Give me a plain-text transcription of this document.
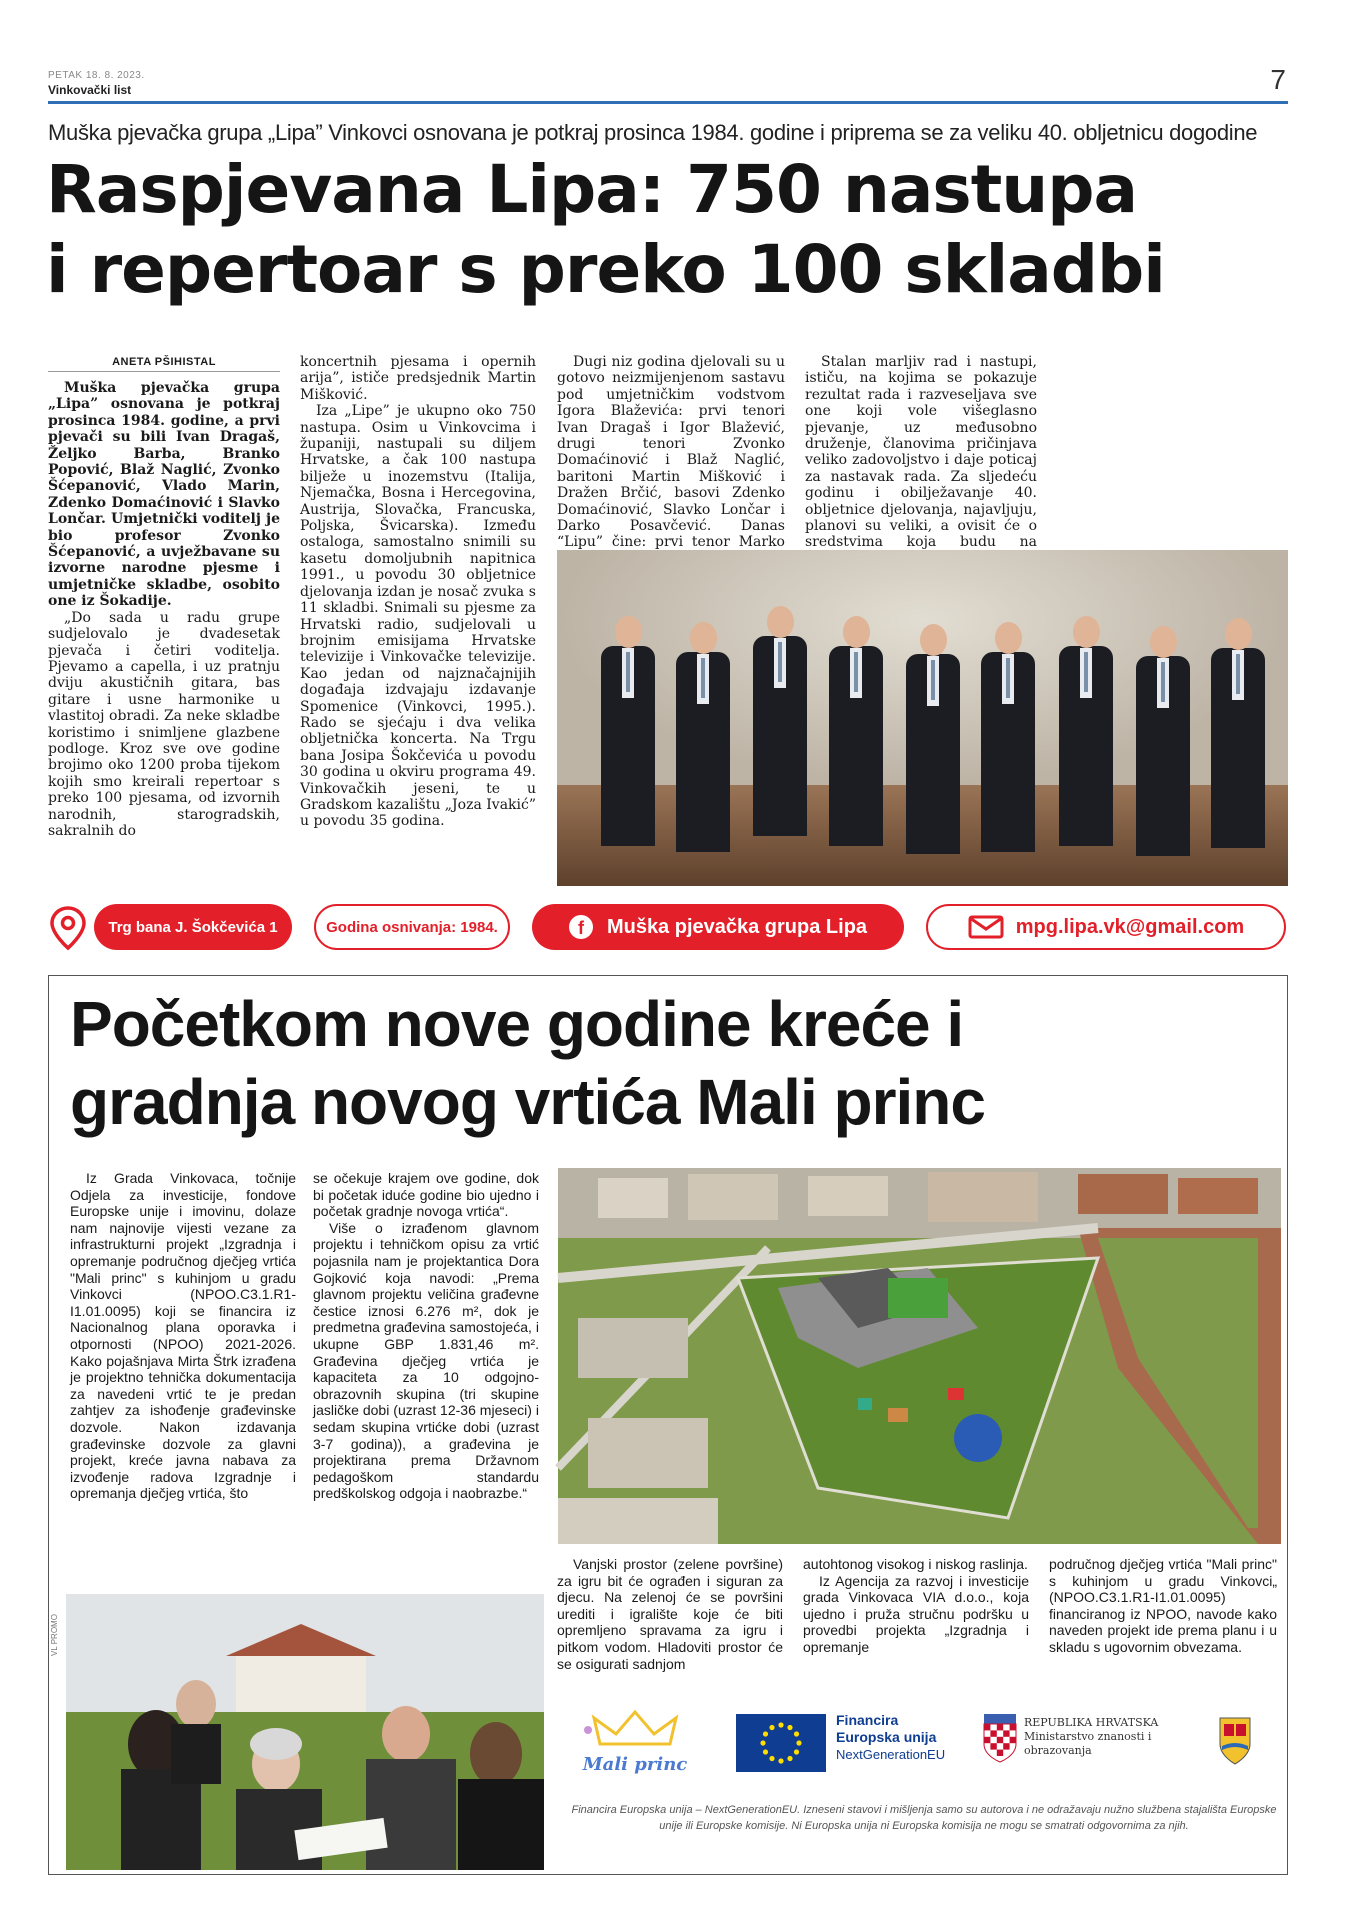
PETAK 18. 8. 2023.
Vinkovački list	7
Muška pjevačka grupa „Lipa” Vinkovci osnovana je potkraj prosinca 1984. godine i priprema se za veliku 40. obljetnicu dogodine
Raspjevana Lipa: 750 nastupa
i repertoar s preko 100 skladbi
ANETA PŠIHISTAL

Muška pjevačka grupa „Lipa” osnovana je potkraj prosinca 1984. godine, a prvi pjevači su bili Ivan Dragaš, Željko Barba, Branko Popović, Blaž Naglić, Zvonko Šćepanović, Vlado Marin, Zdenko Domaćinović i Slavko Lončar. Umjetnički voditelj je bio profesor Zvonko Šćepanović, a uvježbavane su izvorne narodne pjesme i umjetničke skladbe, osobito one iz Šokadije.

„Do sada u radu grupe sudjelovalo je dvadesetak pjevača i četiri voditelja. Pjevamo a capella, i uz pratnju dviju akustičnih gitara, bas gitare i usne harmonike u vlastitoj obradi. Za neke skladbe koristimo i snimljene glazbene podloge. Kroz sve ove godine brojimo oko 1200 proba tijekom kojih smo kreirali repertoar s preko 100 pjesama, od izvornih narodnih, starogradskih, sakralnih do

koncertnih pjesama i opernih arija”, ističe predsjednik Martin Mišković.

Iza „Lipe” je ukupno oko 750 nastupa. Osim u Vinkovcima i županiji, nastupali su diljem Hrvatske, a čak 100 nastupa bilježe u inozemstvu (Italija, Njemačka, Bosna i Hercegovina, Austrija, Slovačka, Francuska, Poljska, Švicarska). Između ostaloga, samostalno snimili su kasetu domoljubnih napitnica 1991., u povodu 30 obljetnice djelovanja izdan je nosač zvuka s 11 skladbi. Snimali su pjesme za Hrvatski radio, sudjelovali u brojnim emisijama Hrvatske televizije i Vinkovačke televizije. Kao jedan od najznačajnijih događaja izdvajaju izdavanje Spomenice (Vinkovci, 1995.). Rado se sjećaju i dva velika obljetnička koncerta. Na Trgu bana Josipa Šokčevića u povodu 30 godina u okviru programa 49. Vinkovačkih jeseni, te u Gradskom kazalištu „Joza Ivakić” u povodu 35 godina.

Dugi niz godina djelovali su u gotovo neizmijenjenom sastavu pod umjetničkim vodstvom Igora Blaževića: prvi tenori Ivan Dragaš i Igor Blažević, drugi tenori Zvonko Domaćinović i Blaž Naglić, baritoni Martin Mišković i Dražen Brčić, basovi Zdenko Domaćinović, Slavko Lončar i Darko Posavčević. Danas “Lipu” čine: prvi tenor Marko

Stalan marljiv rad i nastupi, ističu, na kojima se pokazuje rezultat rada i razveseljava sve one koji vole višeglasno pjevanje, uz međusobno druženje, članovima pričinjava veliko zadovoljstvo i daje poticaj za nastavak rada. Za sljedeću godinu i obilježavanje 40. obljetnice djelovanja, najavljuju, planovi su veliki, a ovisit će o sredstvima koja budu na

Trg bana J. Šokčevića 1	Godina osnivanja: 1984.	f	Muška pjevačka grupa Lipa	mpg.lipa.vk@gmail.com
Početkom nove godine kreće i
gradnja novog vrtića Mali princ

Iz Grada Vinkovaca, točnije Odjela za investicije, fondove Europske unije i imovinu, dolaze nam najnovije vijesti vezane za infrastrukturni projekt „Izgradnja i opremanje područnog dječjeg vrtića "Mali princ" s kuhinjom u gradu Vinkovci (NPOO.C3.1.R1-I1.01.0095) koji se financira iz Nacionalnog plana oporavka i otpornosti (NPOO) 2021-2026. Kako pojašnjava Mirta Štrk izrađena je projektno tehnička dokumentacija za navedeni vrtić te je predan zahtjev za ishođenje građevinske dozvole. Nakon izdavanja građevinske dozvole za glavni projekt, kreće javna nabava za izvođenje radova Izgradnje i opremanja dječjeg vrtića, što

se očekuje krajem ove godine, dok bi početak iduće godine bio ujedno i početak gradnje novoga vrtića“.

Više o izrađenom glavnom projektu i tehničkom opisu za vrtić pojasnila nam je projektantica Dora Gojković koja navodi: „Prema glavnom projektu veličina građevne čestice iznosi 6.276 m², dok je predmetna građevina samostojeća, i ukupne GBP 1.831,46 m². Građevina dječjeg vrtića je kapaciteta za 10 odgojno-obrazovnih skupina (tri skupine jasličke dobi (uzrast 12-36 mjeseci) i sedam skupina vrtićke dobi (uzrast 3-7 godina)), a građevina je projektirana prema Državnom pedagoškom standardu predškolskog odgoja i naobrazbe.“

Vanjski prostor (zelene površine) za igru bit će ograđen i siguran za djecu. Na zelenoj će se površini urediti i igralište koje će biti opremljeno spravama za igru i pitkom vodom. Hladoviti prostor će se osigurati sadnjom

autohtonog visokog i niskog raslinja.

Iz Agencija za razvoj i investicije grada Vinkovaca VIA d.o.o., koja ujedno i pruža stručnu podršku u provedbi projekta „Izgradnja i opremanje

područnog dječjeg vrtića "Mali princ" s kuhinjom u gradu Vinkovci„ (NPOO.C3.1.R1-I1.01.0095) financiranog iz NPOO, navode kako naveden projekt ide prema planu i u skladu s ugovornim obvezama.

VL PROMO
Mali princ
Financira
Europska unija
NextGenerationEU
REPUBLIKA HRVATSKA
Ministarstvo znanosti i
obrazovanja
Financira Europska unija – NextGenerationEU. Izneseni stavovi i mišljenja samo su autorova i ne odražavaju nužno službena stajališta Europske unije ili Europske komisije. Ni Europska unija ni Europska komisija ne mogu se smatrati odgovornima za njih.
